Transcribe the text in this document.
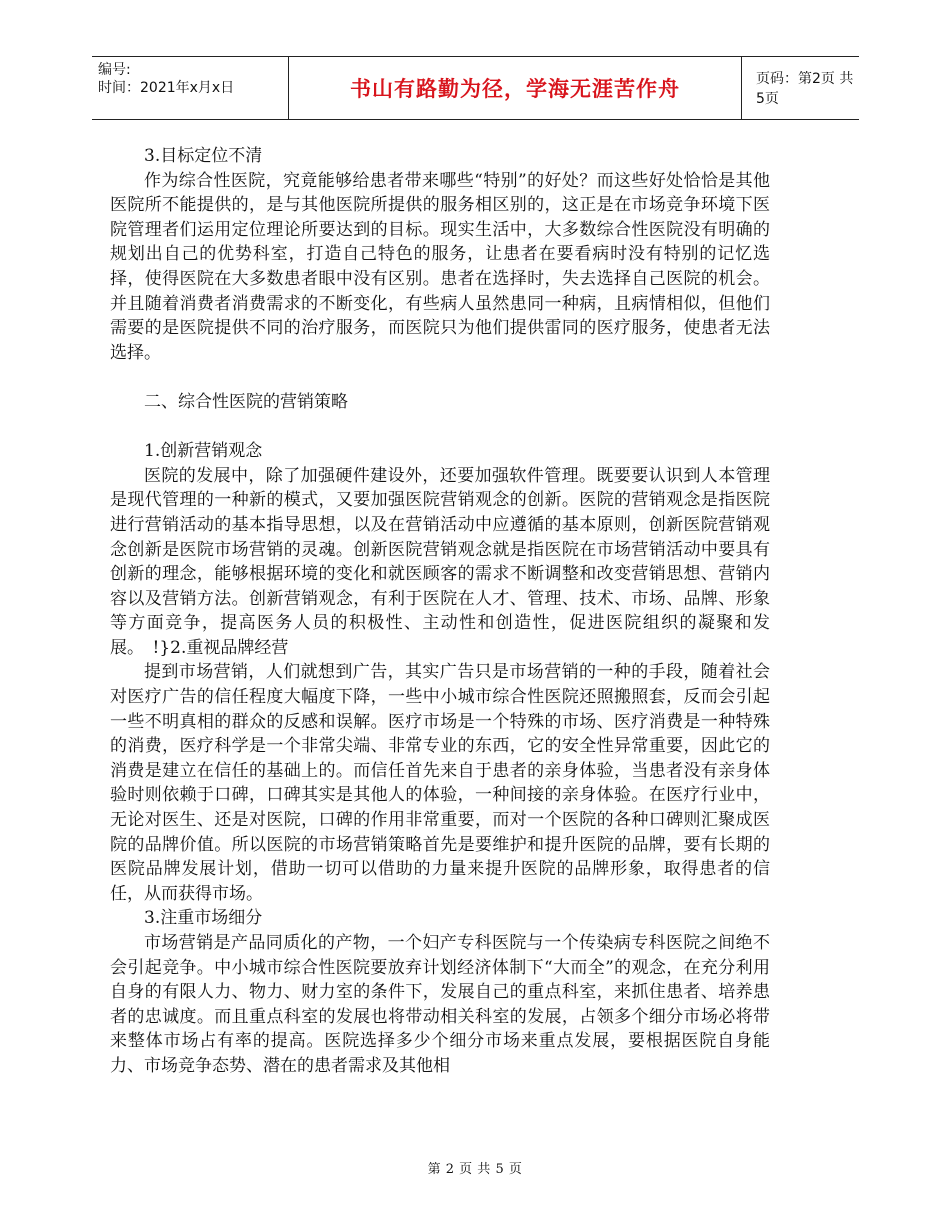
编号:
时间：2021年x月x日	书山有路勤为径，学海无涯苦作舟	页码：第2页 共5页

3.目标定位不清

作为综合性医院，究竟能够给患者带来哪些“特别”的好处？而这些好处恰恰是其他医院所不能提供的，是与其他医院所提供的服务相区别的，这正是在市场竞争环境下医院管理者们运用定位理论所要达到的目标。现实生活中，大多数综合性医院没有明确的规划出自己的优势科室，打造自己特色的服务，让患者在要看病时没有特别的记忆选择，使得医院在大多数患者眼中没有区别。患者在选择时，失去选择自己医院的机会。并且随着消费者消费需求的不断变化，有些病人虽然患同一种病，且病情相似，但他们需要的是医院提供不同的治疗服务，而医院只为他们提供雷同的医疗服务，使患者无法选择。

二、综合性医院的营销策略

1.创新营销观念

医院的发展中，除了加强硬件建设外，还要加强软件管理。既要要认识到人本管理是现代管理的一种新的模式，又要加强医院营销观念的创新。医院的营销观念是指医院进行营销活动的基本指导思想，以及在营销活动中应遵循的基本原则，创新医院营销观念创新是医院市场营销的灵魂。创新医院营销观念就是指医院在市场营销活动中要具有创新的理念，能够根据环境的变化和就医顾客的需求不断调整和改变营销思想、营销内容以及营销方法。创新营销观念，有利于医院在人才、管理、技术、市场、品牌、形象等方面竞争，提高医务人员的积极性、主动性和创造性，促进医院组织的凝聚和发展。　!}2.重视品牌经营

提到市场营销，人们就想到广告，其实广告只是市场营销的一种的手段，随着社会对医疗广告的信任程度大幅度下降，一些中小城市综合性医院还照搬照套，反而会引起一些不明真相的群众的反感和误解。医疗市场是一个特殊的市场、医疗消费是一种特殊的消费，医疗科学是一个非常尖端、非常专业的东西，它的安全性异常重要，因此它的消费是建立在信任的基础上的。而信任首先来自于患者的亲身体验，当患者没有亲身体验时则依赖于口碑，口碑其实是其他人的体验，一种间接的亲身体验。在医疗行业中，无论对医生、还是对医院，口碑的作用非常重要，而对一个医院的各种口碑则汇聚成医院的品牌价值。所以医院的市场营销策略首先是要维护和提升医院的品牌，要有长期的医院品牌发展计划，借助一切可以借助的力量来提升医院的品牌形象，取得患者的信任，从而获得市场。

3.注重市场细分

市场营销是产品同质化的产物，一个妇产专科医院与一个传染病专科医院之间绝不会引起竞争。中小城市综合性医院要放弃计划经济体制下“大而全”的观念，在充分利用自身的有限人力、物力、财力室的条件下，发展自己的重点科室，来抓住患者、培养患者的忠诚度。而且重点科室的发展也将带动相关科室的发展，占领多个细分市场必将带来整体市场占有率的提高。医院选择多少个细分市场来重点发展，要根据医院自身能力、市场竞争态势、潜在的患者需求及其他相

第 2 页 共 5 页
